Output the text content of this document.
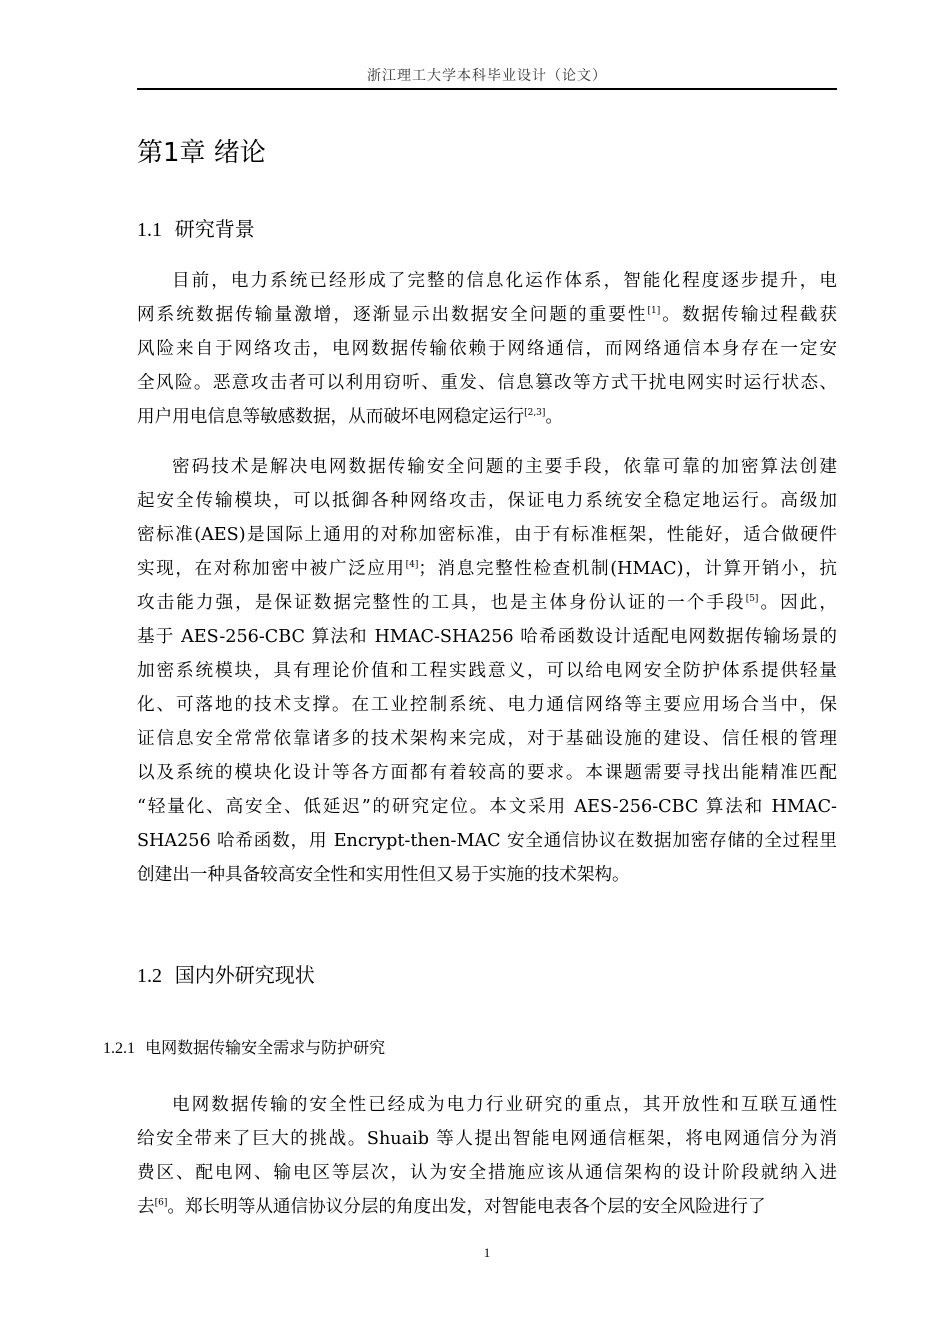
浙江理工大学本科毕业设计（论文）
第1章 绪论
1.1 研究背景
目前，电力系统已经形成了完整的信息化运作体系，智能化程度逐步提升，电
网系统数据传输量激增，逐渐显示出数据安全问题的重要性[1]。数据传输过程截获
风险来自于网络攻击，电网数据传输依赖于网络通信，而网络通信本身存在一定安
全风险。恶意攻击者可以利用窃听、重发、信息篡改等方式干扰电网实时运行状态、
用户用电信息等敏感数据，从而破坏电网稳定运行[2,3]。
密码技术是解决电网数据传输安全问题的主要手段，依靠可靠的加密算法创建
起安全传输模块，可以抵御各种网络攻击，保证电力系统安全稳定地运行。高级加
密标准(AES)是国际上通用的对称加密标准，由于有标准框架，性能好，适合做硬件
实现，在对称加密中被广泛应用[4]；消息完整性检查机制(HMAC)，计算开销小，抗
攻击能力强，是保证数据完整性的工具，也是主体身份认证的一个手段[5]。因此，
基于 AES-256-CBC 算法和 HMAC-SHA256 哈希函数设计适配电网数据传输场景的
加密系统模块，具有理论价值和工程实践意义，可以给电网安全防护体系提供轻量
化、可落地的技术支撑。在工业控制系统、电力通信网络等主要应用场合当中，保
证信息安全常常依靠诸多的技术架构来完成，对于基础设施的建设、信任根的管理
以及系统的模块化设计等各方面都有着较高的要求。本课题需要寻找出能精准匹配
“轻量化、高安全、低延迟”的研究定位。本文采用 AES-256-CBC 算法和 HMAC-
SHA256 哈希函数，用 Encrypt-then-MAC 安全通信协议在数据加密存储的全过程里
创建出一种具备较高安全性和实用性但又易于实施的技术架构。
1.2 国内外研究现状
1.2.1 电网数据传输安全需求与防护研究
电网数据传输的安全性已经成为电力行业研究的重点，其开放性和互联互通性
给安全带来了巨大的挑战。Shuaib 等人提出智能电网通信框架，将电网通信分为消
费区、配电网、输电区等层次，认为安全措施应该从通信架构的设计阶段就纳入进
去[6]。郑长明等从通信协议分层的角度出发，对智能电表各个层的安全风险进行了
1
